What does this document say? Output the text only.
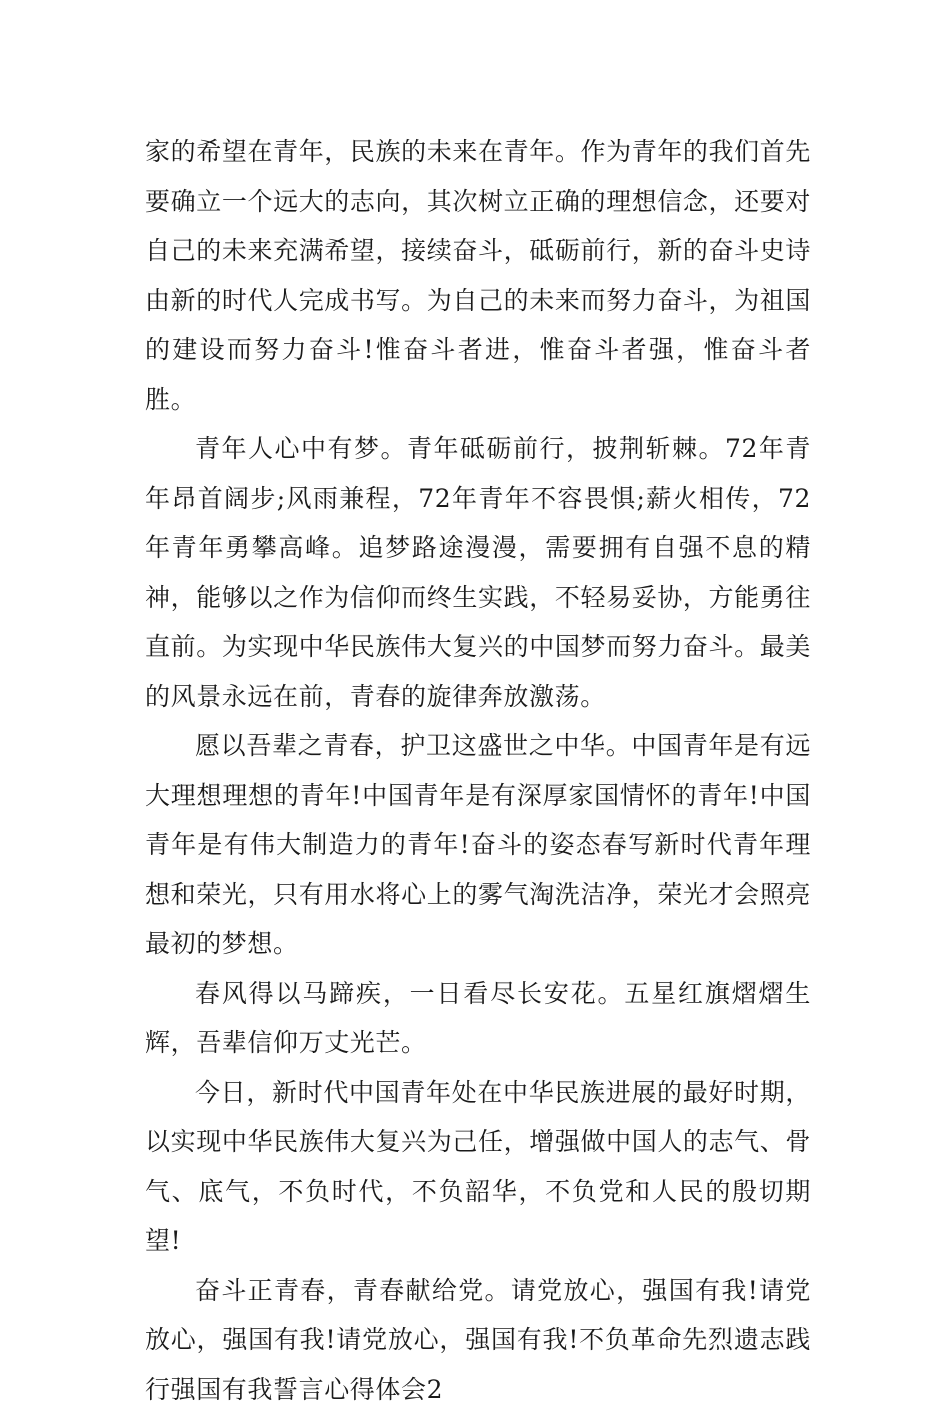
家的希望在青年，民族的未来在青年。作为青年的我们首先要确立一个远大的志向，其次树立正确的理想信念，还要对自己的未来充满希望，接续奋斗，砥砺前行，新的奋斗史诗由新的时代人完成书写。为自己的未来而努力奋斗，为祖国的建设而努力奋斗!惟奋斗者进，惟奋斗者强，惟奋斗者胜。

青年人心中有梦。青年砥砺前行，披荆斩棘。72年青年昂首阔步;风雨兼程，72年青年不容畏惧;薪火相传，72年青年勇攀高峰。追梦路途漫漫，需要拥有自强不息的精神，能够以之作为信仰而终生实践，不轻易妥协，方能勇往直前。为实现中华民族伟大复兴的中国梦而努力奋斗。最美的风景永远在前，青春的旋律奔放激荡。

愿以吾辈之青春，护卫这盛世之中华。中国青年是有远大理想理想的青年!中国青年是有深厚家国情怀的青年!中国青年是有伟大制造力的青年!奋斗的姿态春写新时代青年理想和荣光，只有用水将心上的雾气淘洗洁净，荣光才会照亮最初的梦想。

春风得以马蹄疾，一日看尽长安花。五星红旗熠熠生辉，吾辈信仰万丈光芒。

今日，新时代中国青年处在中华民族进展的最好时期，以实现中华民族伟大复兴为己任，增强做中国人的志气、骨气、底气，不负时代，不负韶华，不负党和人民的殷切期望!

奋斗正青春，青春献给党。请党放心，强国有我!请党放心，强国有我!请党放心，强国有我!不负革命先烈遗志践行强国有我誓言心得体会2
